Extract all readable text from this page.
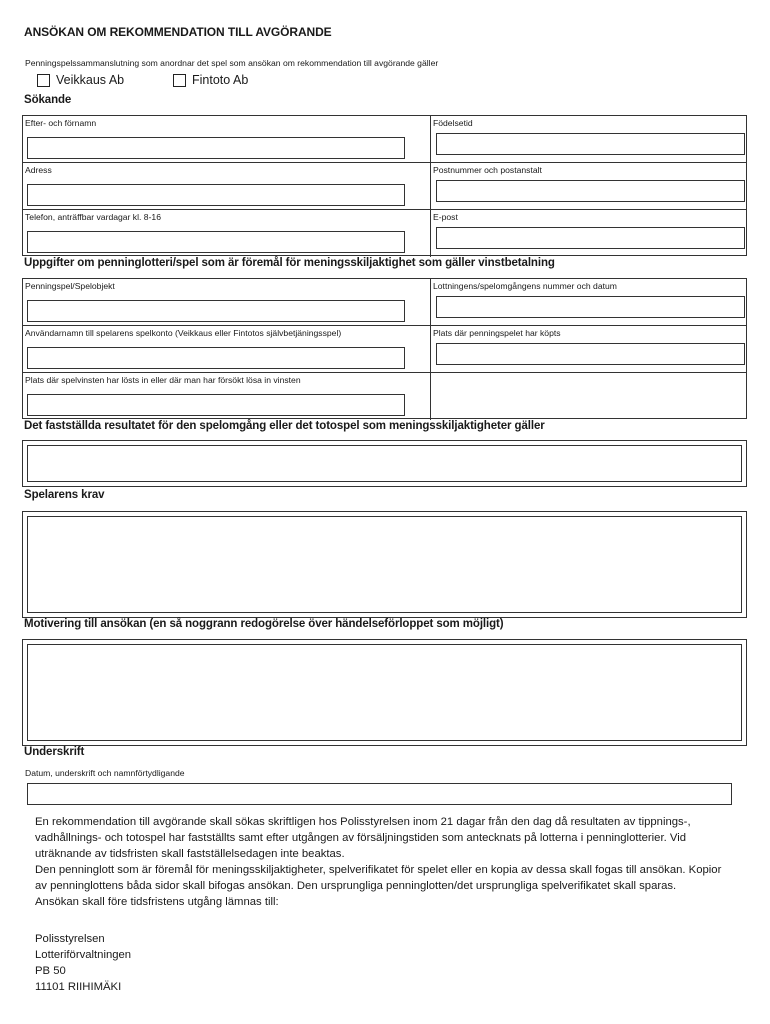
ANSÖKAN OM REKOMMENDATION TILL AVGÖRANDE
Penningspelssammanslutning som anordnar det spel som ansökan om rekommendation till avgörande gäller
Veikkaus Ab	Fintoto Ab
Sökande
Efter- och förnamn	Födelsetid
Adress	Postnummer och postanstalt
Telefon, anträffbar vardagar kl. 8-16	E-post
Uppgifter om penninglotteri/spel som är föremål för meningsskiljaktighet som gäller vinstbetalning
Penningspel/Spelobjekt	Lottningens/spelomgångens nummer och datum
Användarnamn till spelarens spelkonto (Veikkaus eller Fintotos självbetjäningsspel)	Plats där penningspelet har köpts
Plats där spelvinsten har lösts in eller där man har försökt lösa in vinsten
Det fastställda resultatet för den spelomgång eller det totospel som meningsskiljaktigheter gäller
Spelarens krav
Motivering till ansökan (en så noggrann redogörelse över händelseförloppet som möjligt)
Underskrift
Datum, underskrift och namnförtydligande

En rekommendation till avgörande skall sökas skriftligen hos Polisstyrelsen inom 21 dagar från den dag då resultaten av tippnings-, vadhållnings- och totospel har fastställts samt efter utgången av försäljningstiden som antecknats på lotterna i penninglotterier. Vid uträknande av tidsfristen skall fastställelsedagen inte beaktas.

Den penninglott som är föremål för meningsskiljaktigheter, spelverifikatet för spelet eller en kopia av dessa skall fogas till ansökan. Kopior av penninglottens båda sidor skall bifogas ansökan. Den ursprungliga penninglotten/det ursprungliga spelverifikatet skall sparas.

Ansökan skall före tidsfristens utgång lämnas till:

Polisstyrelsen
Lotteriförvaltningen
PB 50
11101 RIIHIMÄKI
